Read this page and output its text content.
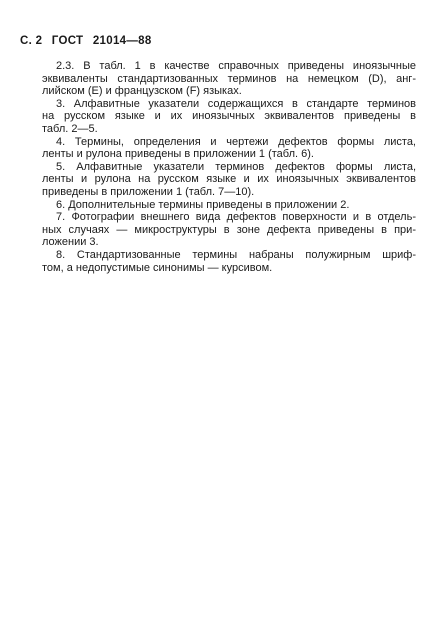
С. 2 ГОСТ 21014—88

2.3. В табл. 1 в качестве справочных приведены иноязычные
эквиваленты стандартизованных терминов на немецком (D), анг-
лийском (E) и французском (F) языках.

3. Алфавитные указатели содержащихся в стандарте терминов
на русском языке и их иноязычных эквивалентов приведены в
табл. 2—5.

4. Термины, определения и чертежи дефектов формы листа,
ленты и рулона приведены в приложении 1 (табл. 6).

5. Алфавитные указатели терминов дефектов формы листа,
ленты и рулона на русском языке и их иноязычных эквивалентов
приведены в приложении 1 (табл. 7—10).

6. Дополнительные термины приведены в приложении 2.

7. Фотографии внешнего вида дефектов поверхности и в отдель-
ных случаях — микроструктуры в зоне дефекта приведены в при-
ложении 3.

8. Стандартизованные термины набраны полужирным шриф-
том, а недопустимые синонимы — курсивом.
